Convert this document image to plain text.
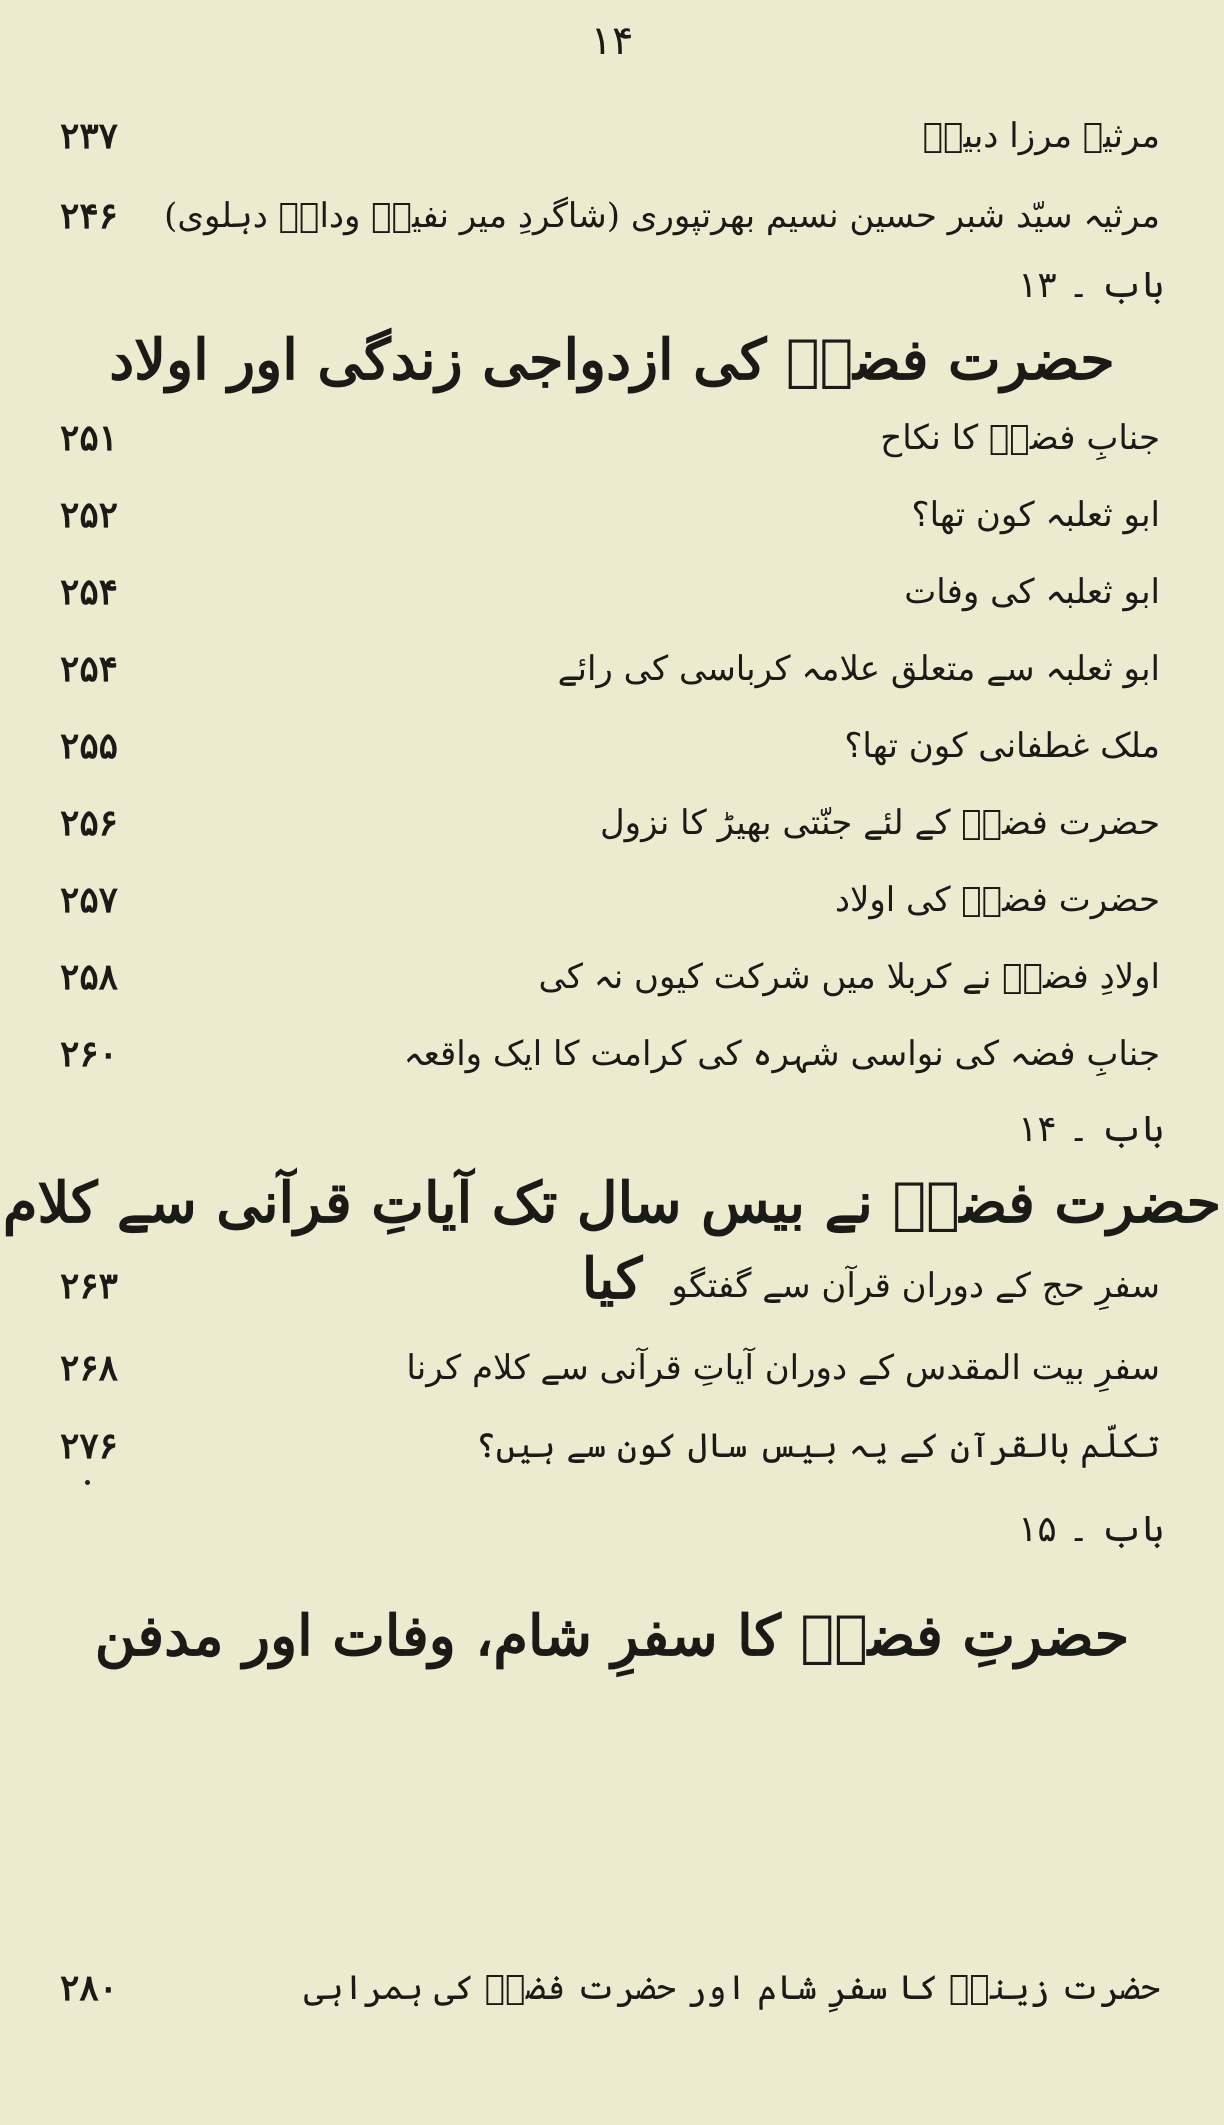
۱۴
مرثیہ مرزا دبیرؔ
۲۳۷
مرثیہ سیّد شبر حسین نسیم بھرتپوری (شاگردِ میر نفیسؔ وداغؔ دہلوی)
۲۴۶
باب ۔ ۱۳
حضرت فضہؑ کی ازدواجی زندگی اور اولاد
جنابِ فضہؑ کا نکاح
۲۵۱
ابو ثعلبہ کون تھا؟
۲۵۲
ابو ثعلبہ کی وفات
۲۵۴
ابو ثعلبہ سے متعلق علامہ کرباسی کی رائے
۲۵۴
ملک غطفانی کون تھا؟
۲۵۵
حضرت فضہؑ کے لئے جنّتی بھیڑ کا نزول
۲۵۶
حضرت فضہؑ کی اولاد
۲۵۷
اولادِ فضہؑ نے کربلا میں شرکت کیوں نہ کی
۲۵۸
جنابِ فضہ کی نواسی شہرہ کی کرامت کا ایک واقعہ
۲۶۰
باب ۔ ۱۴
حضرت فضہؑ نے بیس سال تک آیاتِ قرآنی سے کلام کیا سفرِ حج کے دوران قرآن سے گفتگو
۲۶۳
سفرِ بیت المقدس کے دوران آیاتِ قرآنی سے کلام کرنا
۲۶۸
تکلّم بالقرآن کے یہ بیس سال کون سے ہیں؟
۲۷۶
باب ۔ ۱۵
حضرتِ فضہؑ کا سفرِ شام، وفات اور مدفن
حضرت زینبؑ کا سفرِ شام اور حضرت فضہؑ کی ہمراہی
۲۸۰
